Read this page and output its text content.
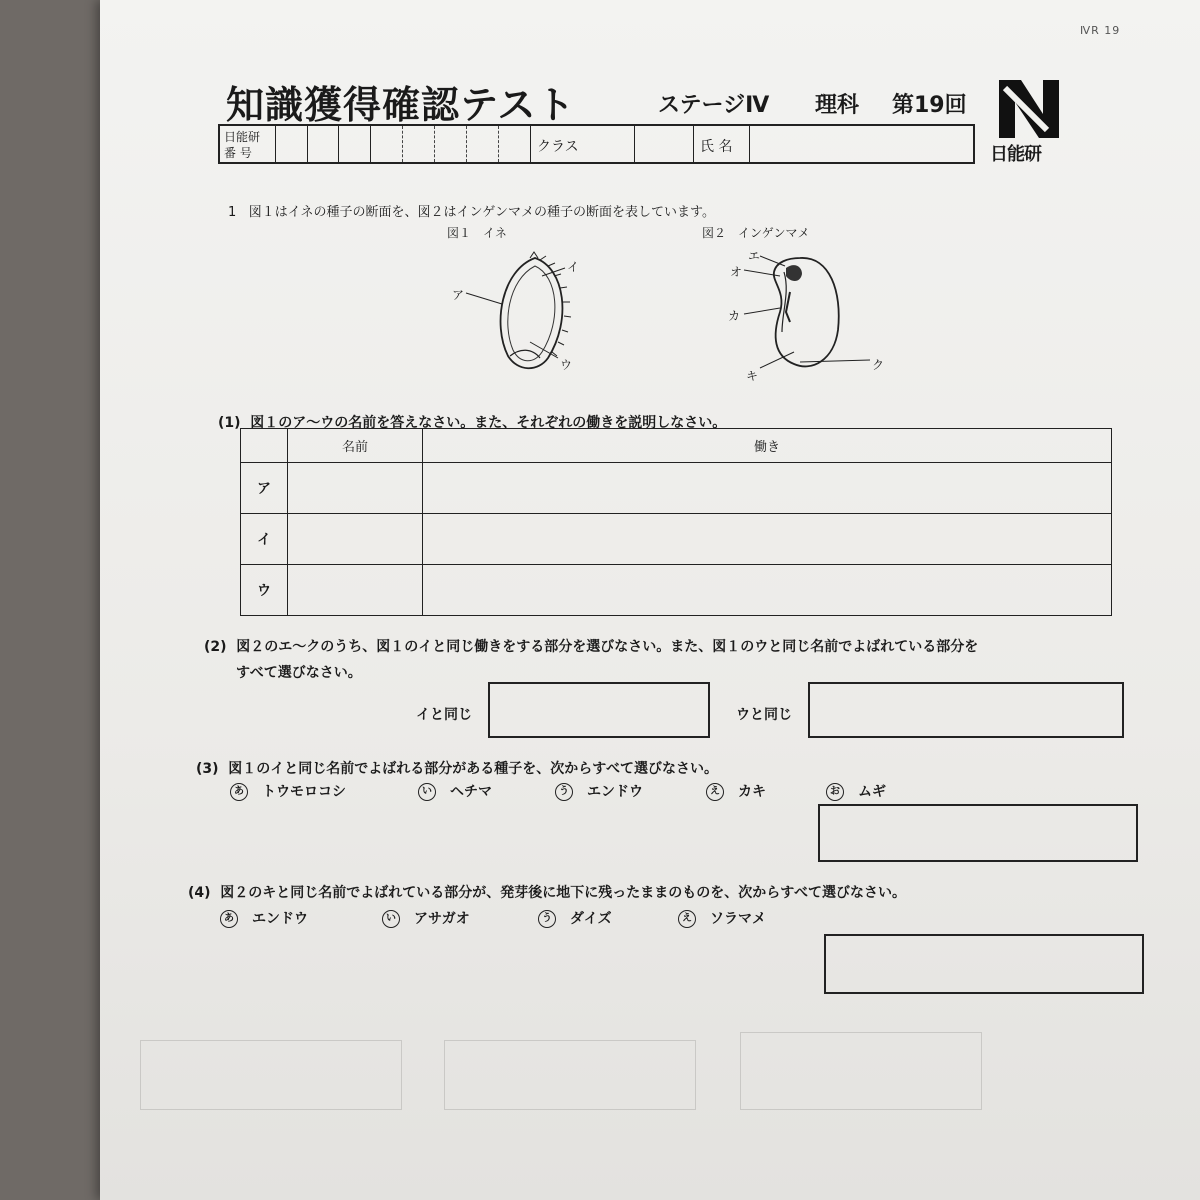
ⅣR 19
知識獲得確認テスト	ステージⅣ 理科 第19回
日能研
日能研
番 号	クラス	氏 名
1 図１はイネの種子の断面を、図２はインゲンマメの種子の断面を表しています。
図１　イネ	図２　インゲンマメ
ア
イ
ウ
エ
オ
カ
キ
ク
(1) 図１のア～ウの名前を答えなさい。また、それぞれの働きを説明しなさい。
	名前	働き
ア		
イ		
ウ		
(2) 図２のエ～クのうち、図１のイと同じ働きをする部分を選びなさい。また、図１のウと同じ名前でよばれている部分を
すべて選びなさい。
イと同じ	ウと同じ
(3) 図１のイと同じ名前でよばれる部分がある種子を、次からすべて選びなさい。
あ トウモロコシ	い ヘチマ	う エンドウ	え カキ	お ムギ
(4) 図２のキと同じ名前でよばれている部分が、発芽後に地下に残ったままのものを、次からすべて選びなさい。
あ エンドウ	い アサガオ	う ダイズ	え ソラマメ
